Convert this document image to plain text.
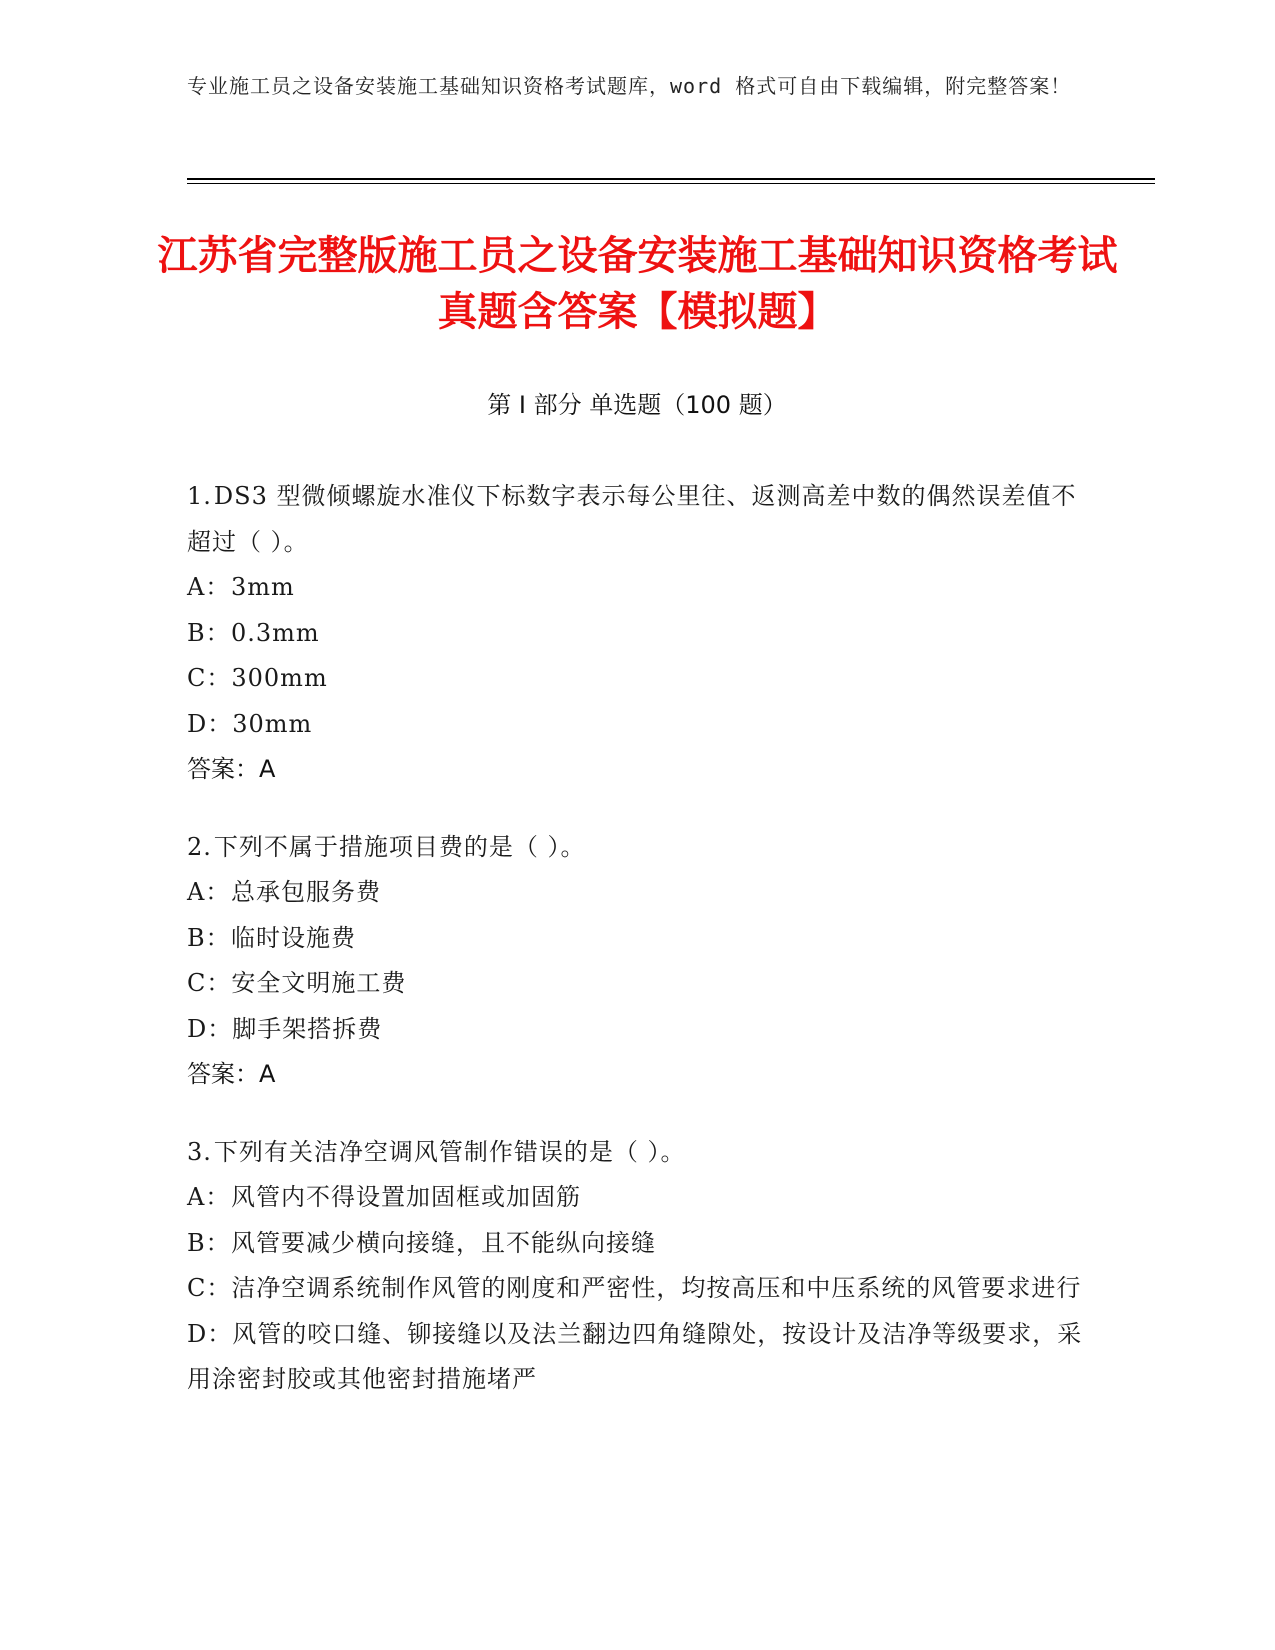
专业施工员之设备安装施工基础知识资格考试题库，word 格式可自由下载编辑，附完整答案！
江苏省完整版施工员之设备安装施工基础知识资格考试真题含答案【模拟题】
第 I 部分 单选题（100 题）
1.DS3 型微倾螺旋水准仪下标数字表示每公里往、返测高差中数的偶然误差值不超过（ ）。
A：3mm
B：0.3mm
C：300mm
D：30mm
答案：A
2.下列不属于措施项目费的是（ ）。
A：总承包服务费
B：临时设施费
C：安全文明施工费
D：脚手架搭拆费
答案：A
3.下列有关洁净空调风管制作错误的是（ ）。
A：风管内不得设置加固框或加固筋
B：风管要减少横向接缝，且不能纵向接缝
C：洁净空调系统制作风管的刚度和严密性，均按高压和中压系统的风管要求进行
D：风管的咬口缝、铆接缝以及法兰翻边四角缝隙处，按设计及洁净等级要求，采用涂密封胶或其他密封措施堵严
